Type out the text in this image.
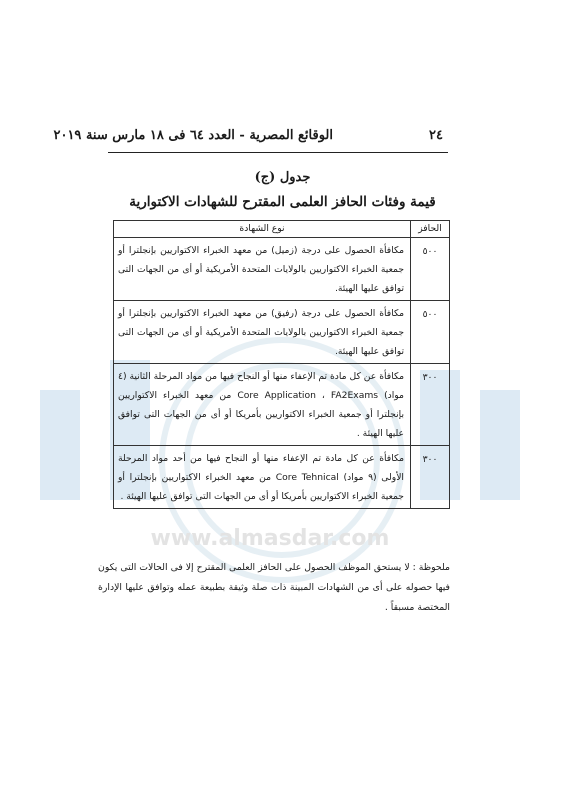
www.almasdar.com
٢٤
الوقائع المصرية - العدد ٦٤ فى ١٨ مارس سنة ٢٠١٩
جدول (ج)
قيمة وفئات الحافز العلمى المقترح للشهادات الاكتوارية
الحافز	نوع الشهادة
٥٠٠	مكافأة الحصول على درجة (زميل) من معهد الخبراء الاكتواريين بإنجلترا أو جمعية الخبراء الاكتواريين بالولايات المتحدة الأمريكية أو أى من الجهات التى توافق عليها الهيئة.
٥٠٠	مكافأة الحصول على درجة (رفيق) من معهد الخبراء الاكتواريين بإنجلترا أو جمعية الخبراء الاكتواريين بالولايات المتحدة الأمريكية أو أى من الجهات التى توافق عليها الهيئة.
٣٠٠	مكافأة عن كل مادة تم الإعفاء منها أو النجاح فيها من مواد المرحلة الثانية (٤ مواد) Core Application ، FA2Exams من معهد الخبراء الاكتواريين بإنجلترا أو جمعية الخبراء الاكتواريين بأمريكا أو أى من الجهات التى توافق عليها الهيئة .
٣٠٠	مكافأة عن كل مادة تم الإعفاء منها أو النجاح فيها من أحد مواد المرحلة الأولى (٩ مواد) Core Tehnical من معهد الخبراء الاكتواريين بإنجلترا أو جمعية الخبراء الاكتواريين بأمريكا أو أى من الجهات التى توافق عليها الهيئة .
ملحوظة : لا يستحق الموظف الحصول على الحافز العلمى المقترح إلا فى الحالات التى يكون فيها حصوله على أى من الشهادات المبينة ذات صلة وثيقة بطبيعة عمله وتوافق عليها الإدارة المختصة مسبقاً .
